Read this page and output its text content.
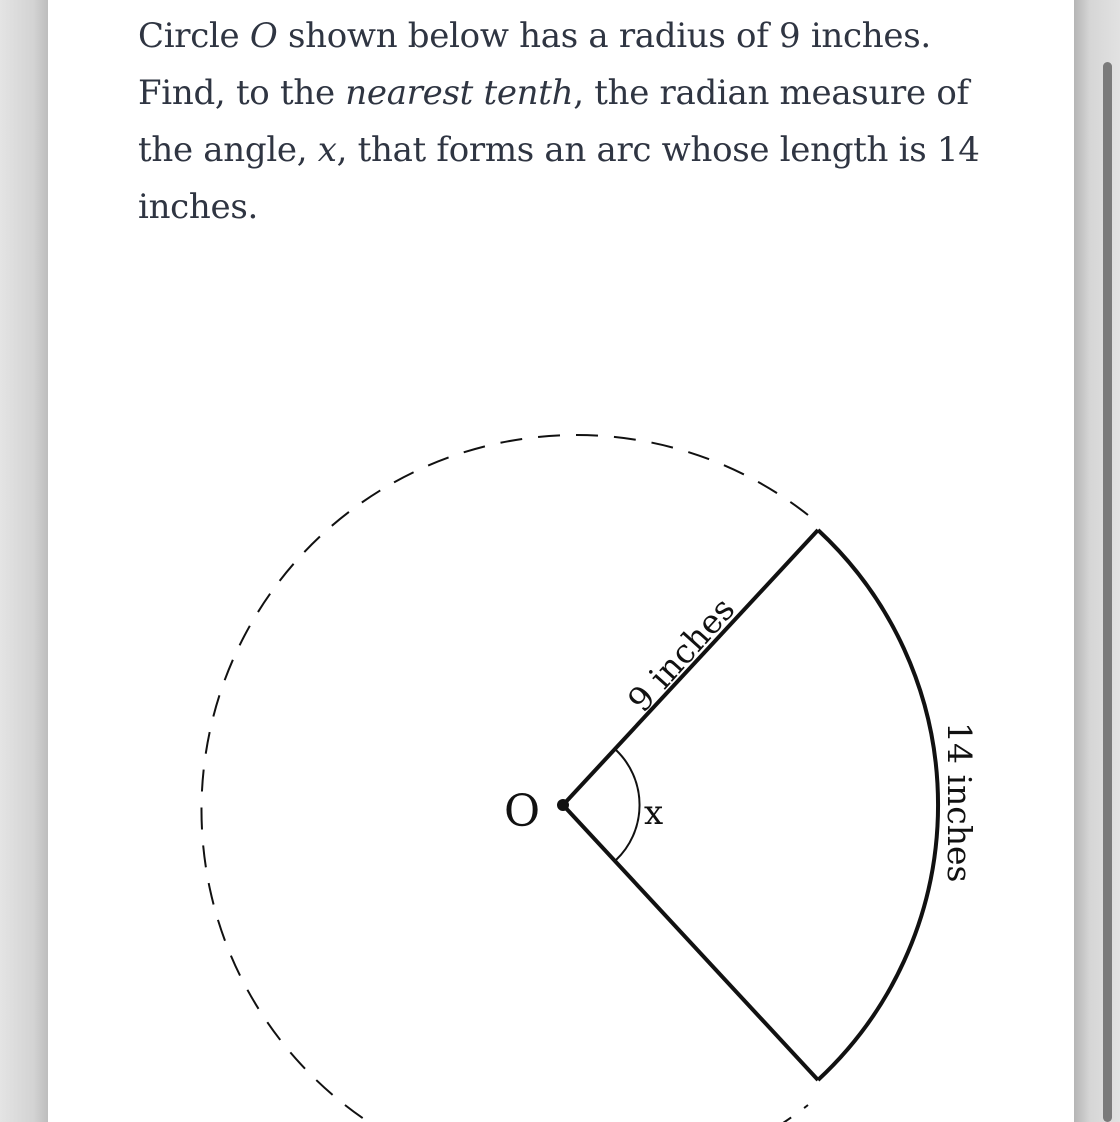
Circle O shown below has a radius of 9 inches. Find, to the nearest tenth, the radian measure of the angle, x, that forms an arc whose length is 14 inches.

O	x
9 inches
14 inches
